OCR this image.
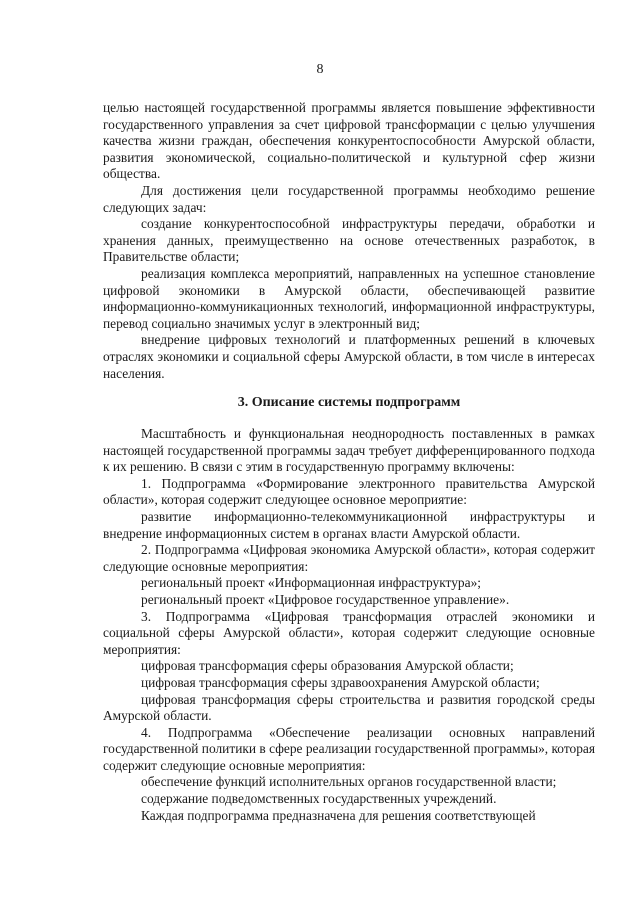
8

целью настоящей государственной программы является повышение эффективности государственного управления за счет цифровой трансформации с целью улучшения качества жизни граждан, обеспечения конкурентоспособности Амурской области, развития экономической, социально-политической и культурной сфер жизни общества.

Для достижения цели государственной программы необходимо решение следующих задач:

создание конкурентоспособной инфраструктуры передачи, обработки и хранения данных, преимущественно на основе отечественных разработок, в Правительстве области;

реализация комплекса мероприятий, направленных на успешное становление цифровой экономики в Амурской области, обеспечивающей развитие информационно-коммуникационных технологий, информационной инфраструктуры, перевод социально значимых услуг в электронный вид;

внедрение цифровых технологий и платформенных решений в ключевых отраслях экономики и социальной сферы Амурской области, в том числе в интересах населения.

3. Описание системы подпрограмм

Масштабность и функциональная неоднородность поставленных в рамках настоящей государственной программы задач требует дифференцированного подхода к их решению. В связи с этим в государственную программу включены:

1. Подпрограмма «Формирование электронного правительства Амурской области», которая содержит следующее основное мероприятие:

развитие информационно-телекоммуникационной инфраструктуры и внедрение информационных систем в органах власти Амурской области.

2. Подпрограмма «Цифровая экономика Амурской области», которая содержит следующие основные мероприятия:

региональный проект «Информационная инфраструктура»;

региональный проект «Цифровое государственное управление».

3. Подпрограмма «Цифровая трансформация отраслей экономики и социальной сферы Амурской области», которая содержит следующие основные мероприятия:

цифровая трансформация сферы образования Амурской области;

цифровая трансформация сферы здравоохранения Амурской области;

цифровая трансформация сферы строительства и развития городской среды Амурской области.

4. Подпрограмма «Обеспечение реализации основных направлений государственной политики в сфере реализации государственной программы», которая содержит следующие основные мероприятия:

обеспечение функций исполнительных органов государственной власти;

содержание подведомственных государственных учреждений.

Каждая подпрограмма предназначена для решения соответствующей
